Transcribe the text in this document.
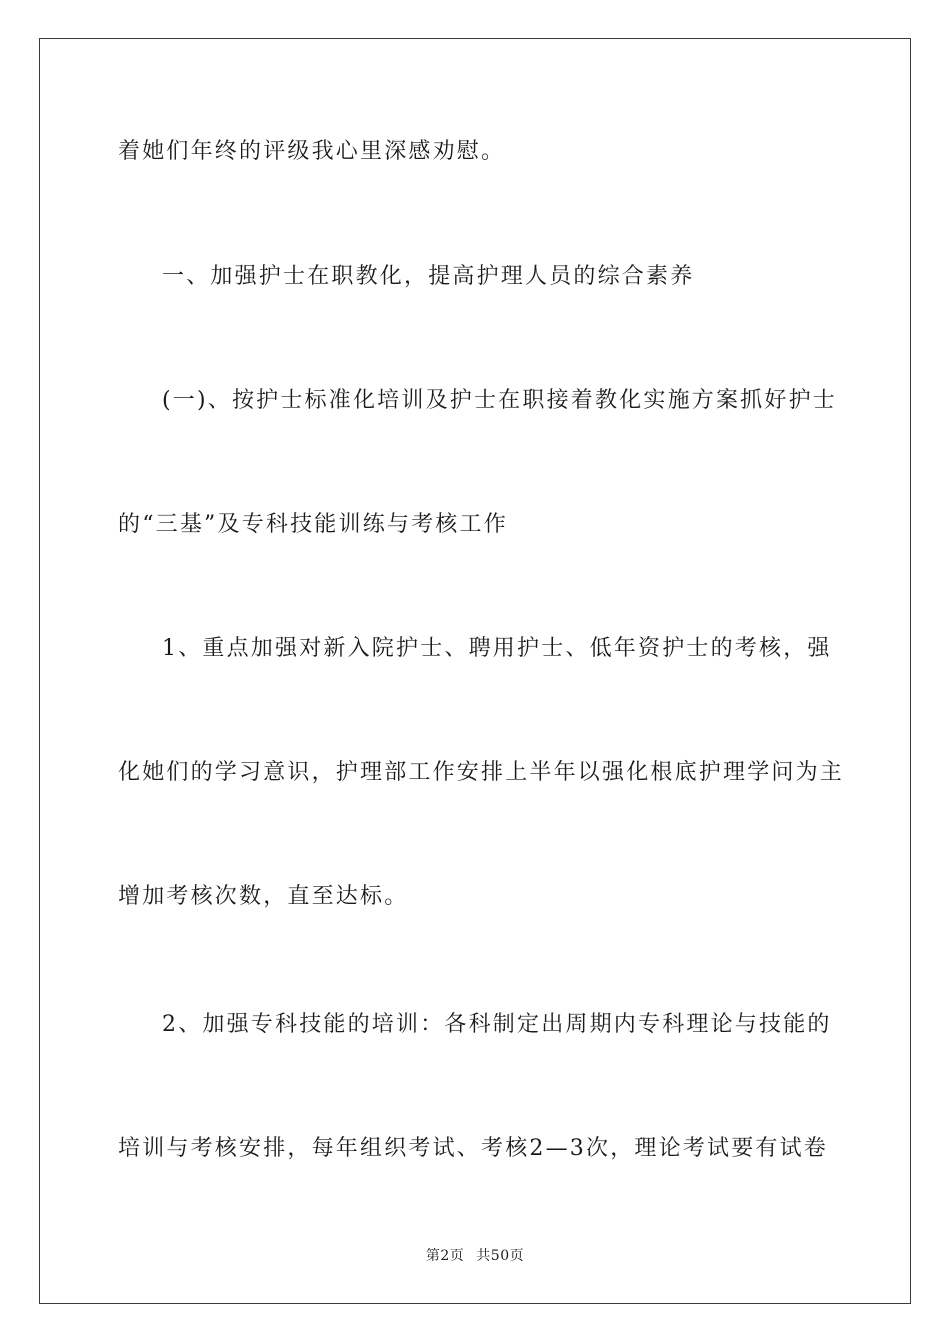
着她们年终的评级我心里深感劝慰。
一、加强护士在职教化，提高护理人员的综合素养
(一)、按护士标准化培训及护士在职接着教化实施方案抓好护士
的“三基”及专科技能训练与考核工作
1、重点加强对新入院护士、聘用护士、低年资护士的考核，强
化她们的学习意识，护理部工作安排上半年以强化根底护理学问为主
增加考核次数，直至达标。
2、加强专科技能的培训：各科制定出周期内专科理论与技能的
培训与考核安排，每年组织考试、考核2—3次，理论考试要有试卷
第2页 共50页
